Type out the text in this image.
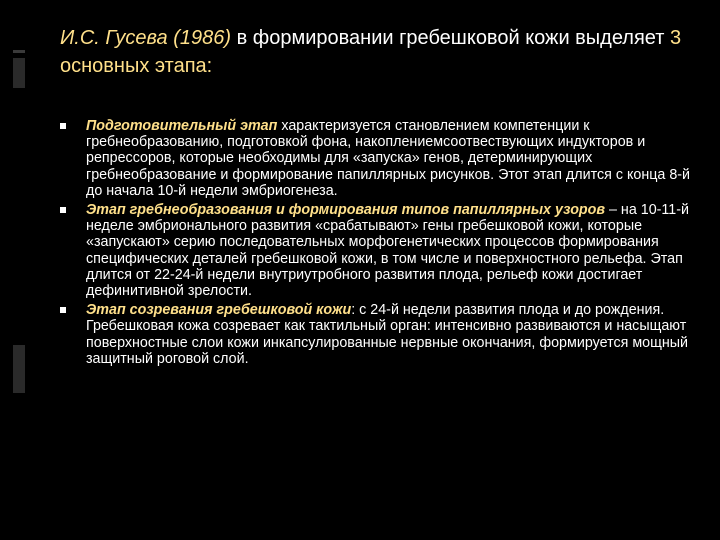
И.С. Гусева (1986) в формировании гребешковой кожи выделяет 3 основных этапа:
Подготовительный этап характеризуется становлением компетенции к гребнеобразованию, подготовкой фона, накоплениемсоотвествующих индукторов и репрессоров, которые необходимы для «запуска» генов, детерминирующих гребнеобразование и формирование папиллярных рисунков. Этот этап длится с конца 8-й до начала 10-й недели эмбриогенеза.
Этап гребнеобразования и формирования типов папиллярных узоров – на 10-11-й неделе эмбрионального развития «срабатывают» гены гребешковой кожи, которые «запускают» серию последовательных морфогенетических процессов формирования специфических деталей гребешковой кожи, в том числе и поверхностного рельефа. Этап длится от 22-24-й недели внутриутробного развития плода, рельеф кожи достигает дефинитивной зрелости.
Этап созревания гребешковой кожи: с 24-й недели развития плода и до рождения. Гребешковая кожа созревает как тактильный орган: интенсивно развиваются и насыщают поверхностные слои кожи инкапсулированные нервные окончания, формируется мощный защитный роговой слой.
